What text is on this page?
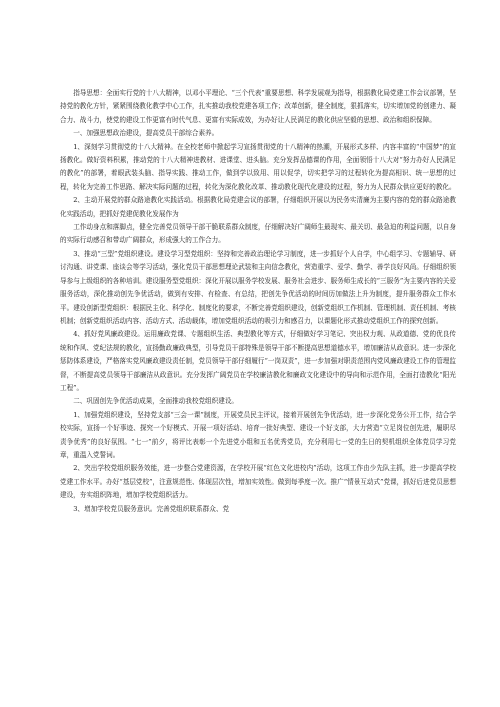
指导思想：全面实行党的十八大精神，以邓小平理论、“三个代表”重要思想、科学发展观为指导，根据教化局党建工作会议部署，坚持党的教化方针，紧紧围绕教化教学中心工作，扎实推动我校党建各项工作；改革创新，健全制度，狠抓落实，切实增加党的创建力、凝合力、战斗力，使党的建设工作更富有时代气息、更富有实际成效，为办好让人民满足的教化供应坚毅的思想、政治和组织保障。

一、加强思想政治建设，提高党员干部综合素养。

1、深刻学习贯彻党的十八大精神。在全校老师中掀起学习宣扬贯彻党的十八精神的热潮，开展形式多样、内容丰富的“中国梦”的宣扬教化。做好资料积累，推动党的十八大精神进教材、进课堂、进头脑。充分发挥品德课的作用，全面领悟十八大对“努力办好人民满足的教化”的部署，着眼武装头脑、指导实践、推动工作，做到学以致用、用以促学，切实把学习的过程转化为提高相识、统一思想的过程，转化为完善工作思路、解决实际问题的过程，转化为深化教化改革、推动教化现代化建设的过程，努力为人民群众供应更好的教化。

2、主动开展党的群众路途教化实践活动。根据教化局党建会议的部署，仔细组织开展以为民务实清廉为主要内容的党的群众路途教化实践活动，把抓好党建促教化发展作为

工作动身点和落脚点，健全完善党员领导干部干脆联系群众制度，仔细解决好广阔师生最现实、最关切、最急迫的利益问题，以自身的实际行动感召和带动广阔群众，形成强大的工作合力。

3、推动“三型”党组织建设。建设学习型党组织：坚持和完善政治理论学习制度，进一步抓好个人自学，中心组学习、专题辅导、研讨沟通、讲党课、座谈会等学习活动，强化党员干部思想理论武装和主向信念教化，营造重学、爱学、勤学、善学良好风尚。仔细组织领导参与上级组织的各种培训。建设服务型党组织：深化开展以服务学校发展、服务社会进步、服务师生成长的“三服务”为主要内容的关爱服务活动，深化推动创先争优活动，做到有安排、有检查、有总结，把创先争优活动的时间历加做法上升为制度，提升服务群众工作水平。建设创新型党组织：根据民主化、科学化、制度化的要求，不断完善党组织建设，创新党组织工作机制、管理机制、责任机制、考核机制；创新党组织活动内容、活动方式、活动载体，增加党组织活动的吸引力和感召力，以课题化形式推动党组织工作的探究创新。

4、抓好党风廉政建设。运用廉政党课、专题组织生活、典型教化等方式，仔细做好学习笔记、突出权力观、从政道德、党的优良传统和作风、党纪法规的教化，宣扬勤政廉政典型，引导党员干部特殊是领导干部不断提高思想道德水平，增加廉洁从政意识。进一步深化惩防体系建设，严格落实党风廉政建设责任制，党员领导干部仔细履行“一岗双责”，进一步加强对职责范围内党风廉政建设工作的管理监督，不断提高党员领导干部廉洁从政意识。充分发挥广阔党员在学校廉洁教化和廉政文化建设中的导向和示范作用，全面打造教化“阳光工程”。

二、巩固创先争优活动成果，全面推动我校党组织建设。

1、加强党组织建设，坚持党支部“三会一课”制度，开展党员民主评议，接着开展创先争优活动，进一步深化党务公开工作，结合学校实际，宣扬一个好事迹、探究一个好模式、开展一项好活动、培育一批好典型、建设一个好支部，大力营造“立足岗位创先进，履职尽责争优秀”的良好氛围。“七一”前夕，将评比表彰一个先进党小组和五名优秀党员，充分利用七一党的生日的契机组织全体党员学习党章，重温入党誓词。

2、突出学校党组织服务效能，进一步整合党建资源，在学校开展“红色文化进校内”活动，这项工作由少先队主抓，进一步提高学校党建工作水平。办好“基层党校”，注意规范性、体现层次性，增加实效性。做到每季度一次。推广“情景互动式”党课，抓好后进党员思想建设，夯实组织阵地，增加学校党组织活力。

3、增加学校党员服务意识。完善党组织联系群众、党
